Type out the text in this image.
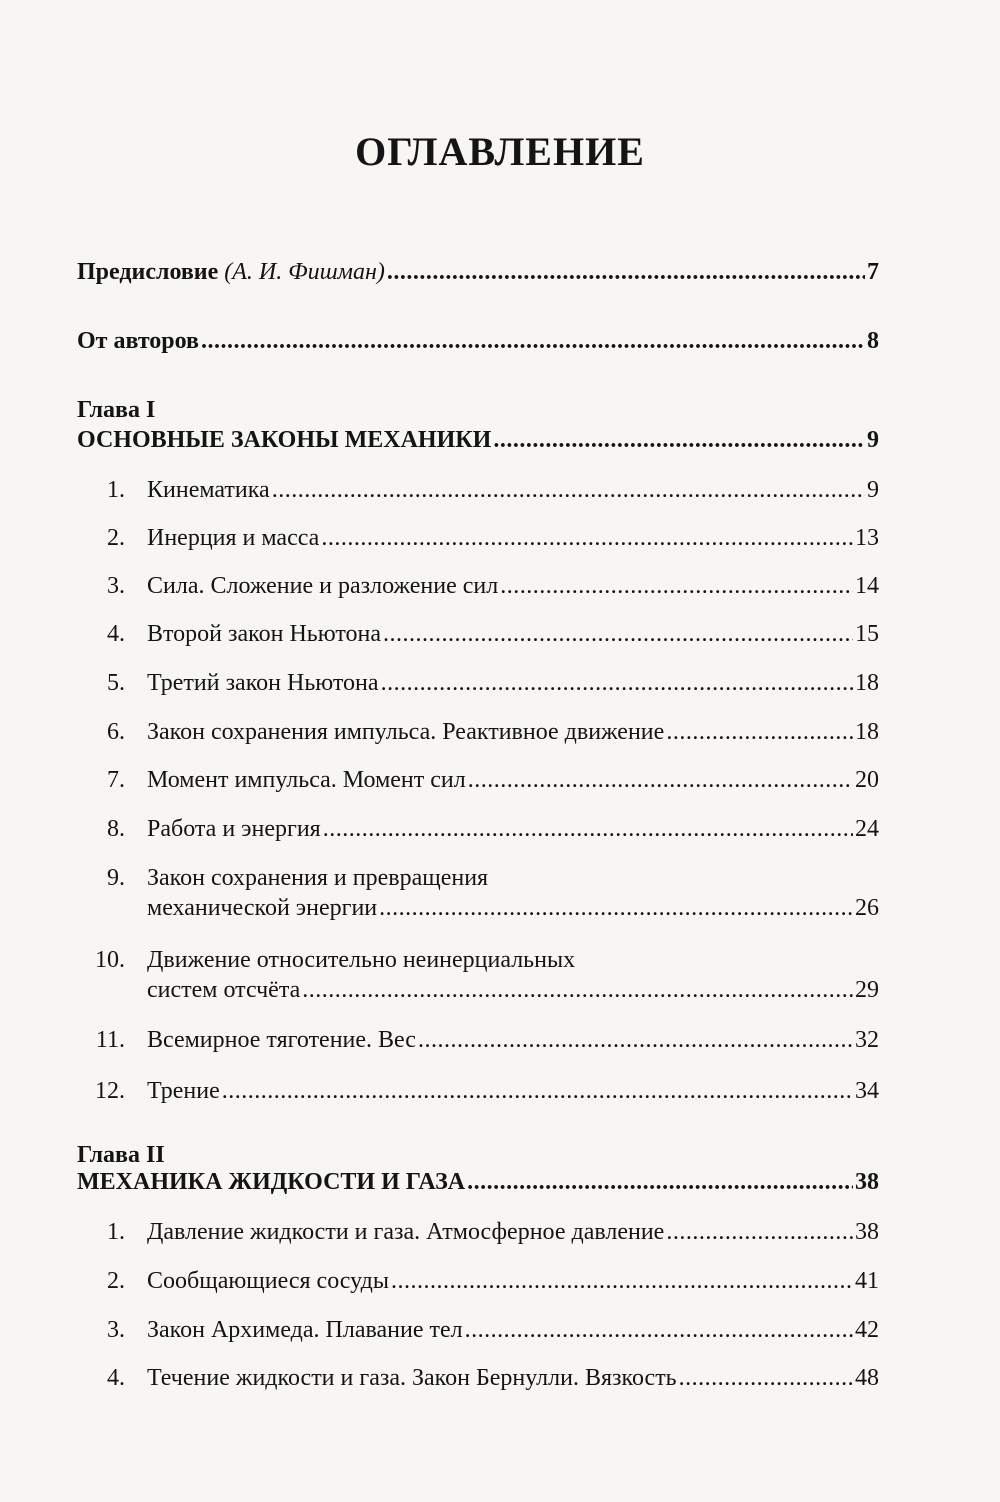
ОГЛАВЛЕНИЕ
Предисловие (А. И. Фишман) .....	7
От авторов .....	8
Глава I
ОСНОВНЫЕ ЗАКОНЫ МЕХАНИКИ .....	9
1. Кинематика .....	9
2. Инерция и масса .....	13
3. Сила. Сложение и разложение сил .....	14
4. Второй закон Ньютона .....	15
5. Третий закон Ньютона .....	18
6. Закон сохранения импульса. Реактивное движение .....	18
7. Момент импульса. Момент сил .....	20
8. Работа и энергия .....	24
9. Закон сохранения и превращения
механической энергии .....	26
10. Движение относительно неинерциальных
систем отсчёта .....	29
11. Всемирное тяготение. Вес .....	32
12. Трение .....	34
Глава II
МЕХАНИКА ЖИДКОСТИ И ГАЗА .....	38
1. Давление жидкости и газа. Атмосферное давление .....	38
2. Сообщающиеся сосуды .....	41
3. Закон Архимеда. Плавание тел .....	42
4. Течение жидкости и газа. Закон Бернулли. Вязкость .....	48
